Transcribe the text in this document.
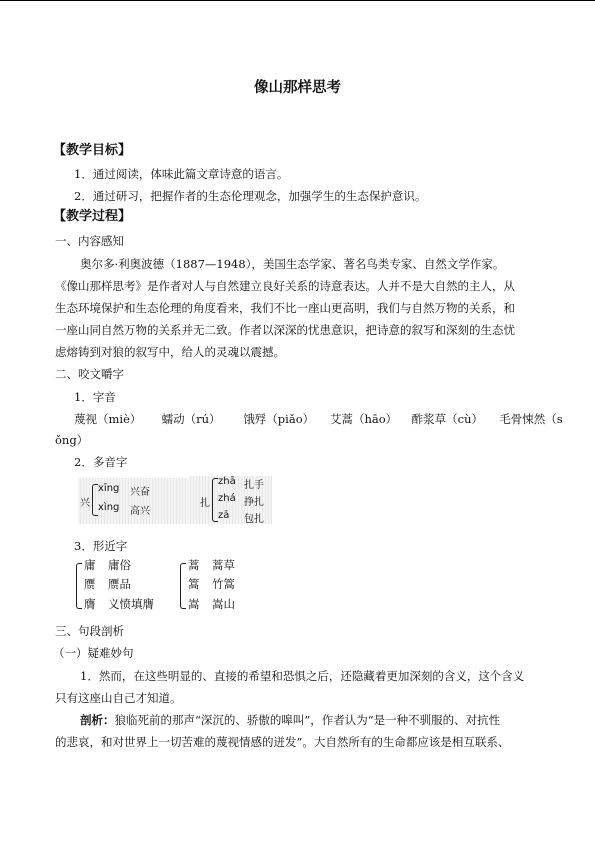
像山那样思考
【教学目标】
1．通过阅读，体味此篇文章诗意的语言。
2．通过研习，把握作者的生态伦理观念，加强学生的生态保护意识。
【教学过程】
一、内容感知
奥尔多·利奥波德（1887—1948），美国生态学家、著名鸟类专家、自然文学作家。
《像山那样思考》是作者对人与自然建立良好关系的诗意表达。人并不是大自然的主人，从
生态环境保护和生态伦理的角度看来，我们不比一座山更高明，我们与自然万物的关系，和
一座山同自然万物的关系并无二致。作者以深深的忧患意识，把诗意的叙写和深刻的生态忧
虑熔铸到对狼的叙写中，给人的灵魂以震撼。
二、咬文嚼字
1．字音
蔑视（miè） 蠕动（rú） 饿殍（piǎo） 艾蒿（hāo） 酢浆草（cù） 毛骨悚然（s
ǒng）
2．多音字
兴
xīng 兴奋
xìng 高兴
扎
zhā 扎手
zhá 挣扎
zā 包扎
3．形近字
庸 庸俗
赝 赝品
膺 义愤填膺
蒿 蒿草
篙 竹篙
嵩 嵩山
三、句段剖析
（一）疑难妙句
1．然而，在这些明显的、直接的希望和恐惧之后，还隐藏着更加深刻的含义，这个含义
只有这座山自己才知道。
剖析：狼临死前的那声“深沉的、骄傲的嗥叫”，作者认为“是一种不驯服的、对抗性
的悲哀，和对世界上一切苦难的蔑视情感的迸发”。大自然所有的生命都应该是相互联系、
